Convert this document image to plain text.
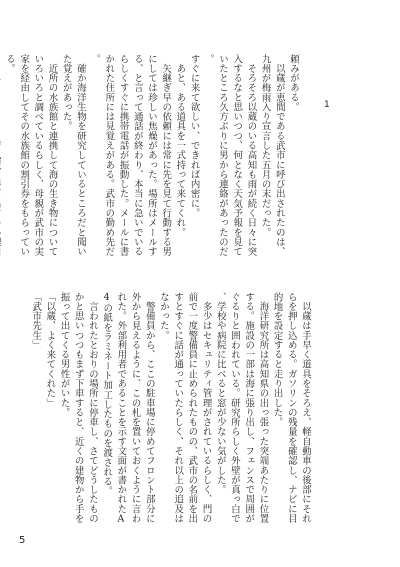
1

頼みがある。

　以蔵が恵間である武市に呼び出されたのは、

九州が梅雨入り宣言した五月の末だった。

　そろそろ以蔵のいる高知も雨が続く日々に突

入するなと思いつつ、何となく天気予報を見て

いたところ久方ぶりに男から連絡があったのだ

。

すぐに来て欲しい、できれば内密に。

　あと、ある道具を一式持って来てくれ。

　矢継ぎ早の依頼には常に先を見て行動する男

にしては珍しい焦燥があった。場所はメールす

る、と言って通話が終わり、本当に急いでいる

らしくすぐに携帯電話が振動した。メールに書

かれた住所には見覚えがある。武市の勤め先だ

。

　確か海洋生物を研究しているところだと聞い

た覚えがあった。

　近所の水族館と連携して海の生き物について

いろいろと調べているらしく、母親が武市の実

家を経由してその水族館の割引券をもらってい

る。

　以蔵は手早く道具をそろえ、軽自動車の後部にそれ

らを押し込める。ガソリンの残量を確認し、ナビに目

的地を設定すると走り出した。

　海洋研究所は高知県の出っ張った突端あたりに位置

する。施設の一部は海に張り出し、フェンスで周囲が

ぐるりと囲われている。研究所らしく外壁が真っ白で

、学校や病院に比べると窓が少ない気がした。

　多少はセキュリティ管理がされているらしく、門の

前で一度警備員に止められたものの、武市の名前を出

すとすぐに話が通っていたらしく、それ以上の追及は

なかった。

　警備員から、ここの駐車場に停めてフロント部分に

外から見えるように、この札を置いておくように言わ

れた。外部利用者であることを示す文面が書かれたA

4の紙をラミネート加工したものを渡される。

　言われたとおりの場所に停車し、さてどうしたもの

かと思いつつもまず下車すると、近くの建物から手を

振って出てくる男性がいた。

「以蔵、よく来てくれた」

「武市先生」

5
